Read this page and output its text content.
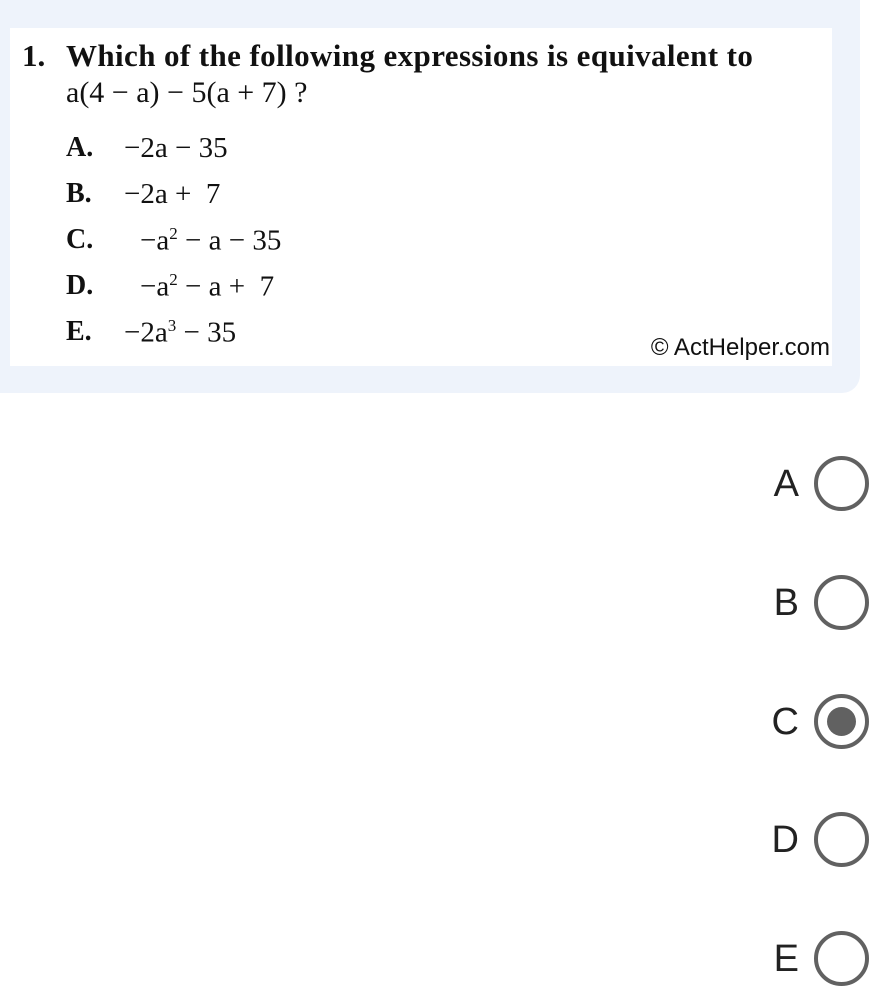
1. Which of the following expressions is equivalent to
a(4 − a) − 5(a + 7) ?
A. −2a − 35
B. −2a +  7
C. $-a^2 - a - 35$
D. $-a^2 - a + 7$
E. $-2a^3 - 35$	© ActHelper.com
A
B
C
D
E
